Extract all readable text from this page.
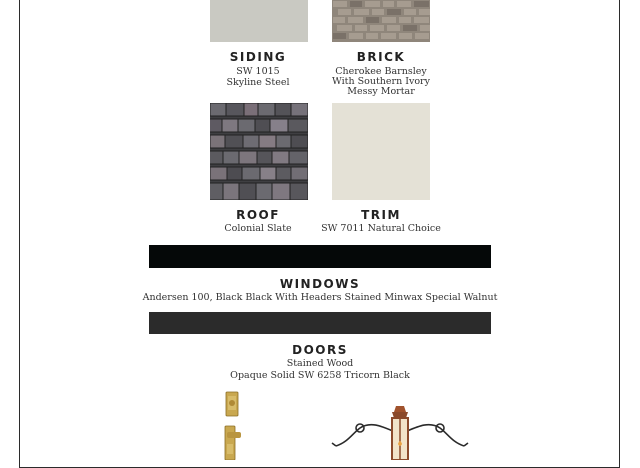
SIDING
SW 1015
Skyline Steel
BRICK
Cherokee Barnsley
With Southern Ivory
Messy Mortar
ROOF
Colonial Slate
TRIM
SW 7011 Natural Choice
WINDOWS
Andersen 100, Black Black With Headers Stained Minwax Special Walnut
DOORS
Stained Wood
Opaque Solid SW 6258 Tricorn Black
